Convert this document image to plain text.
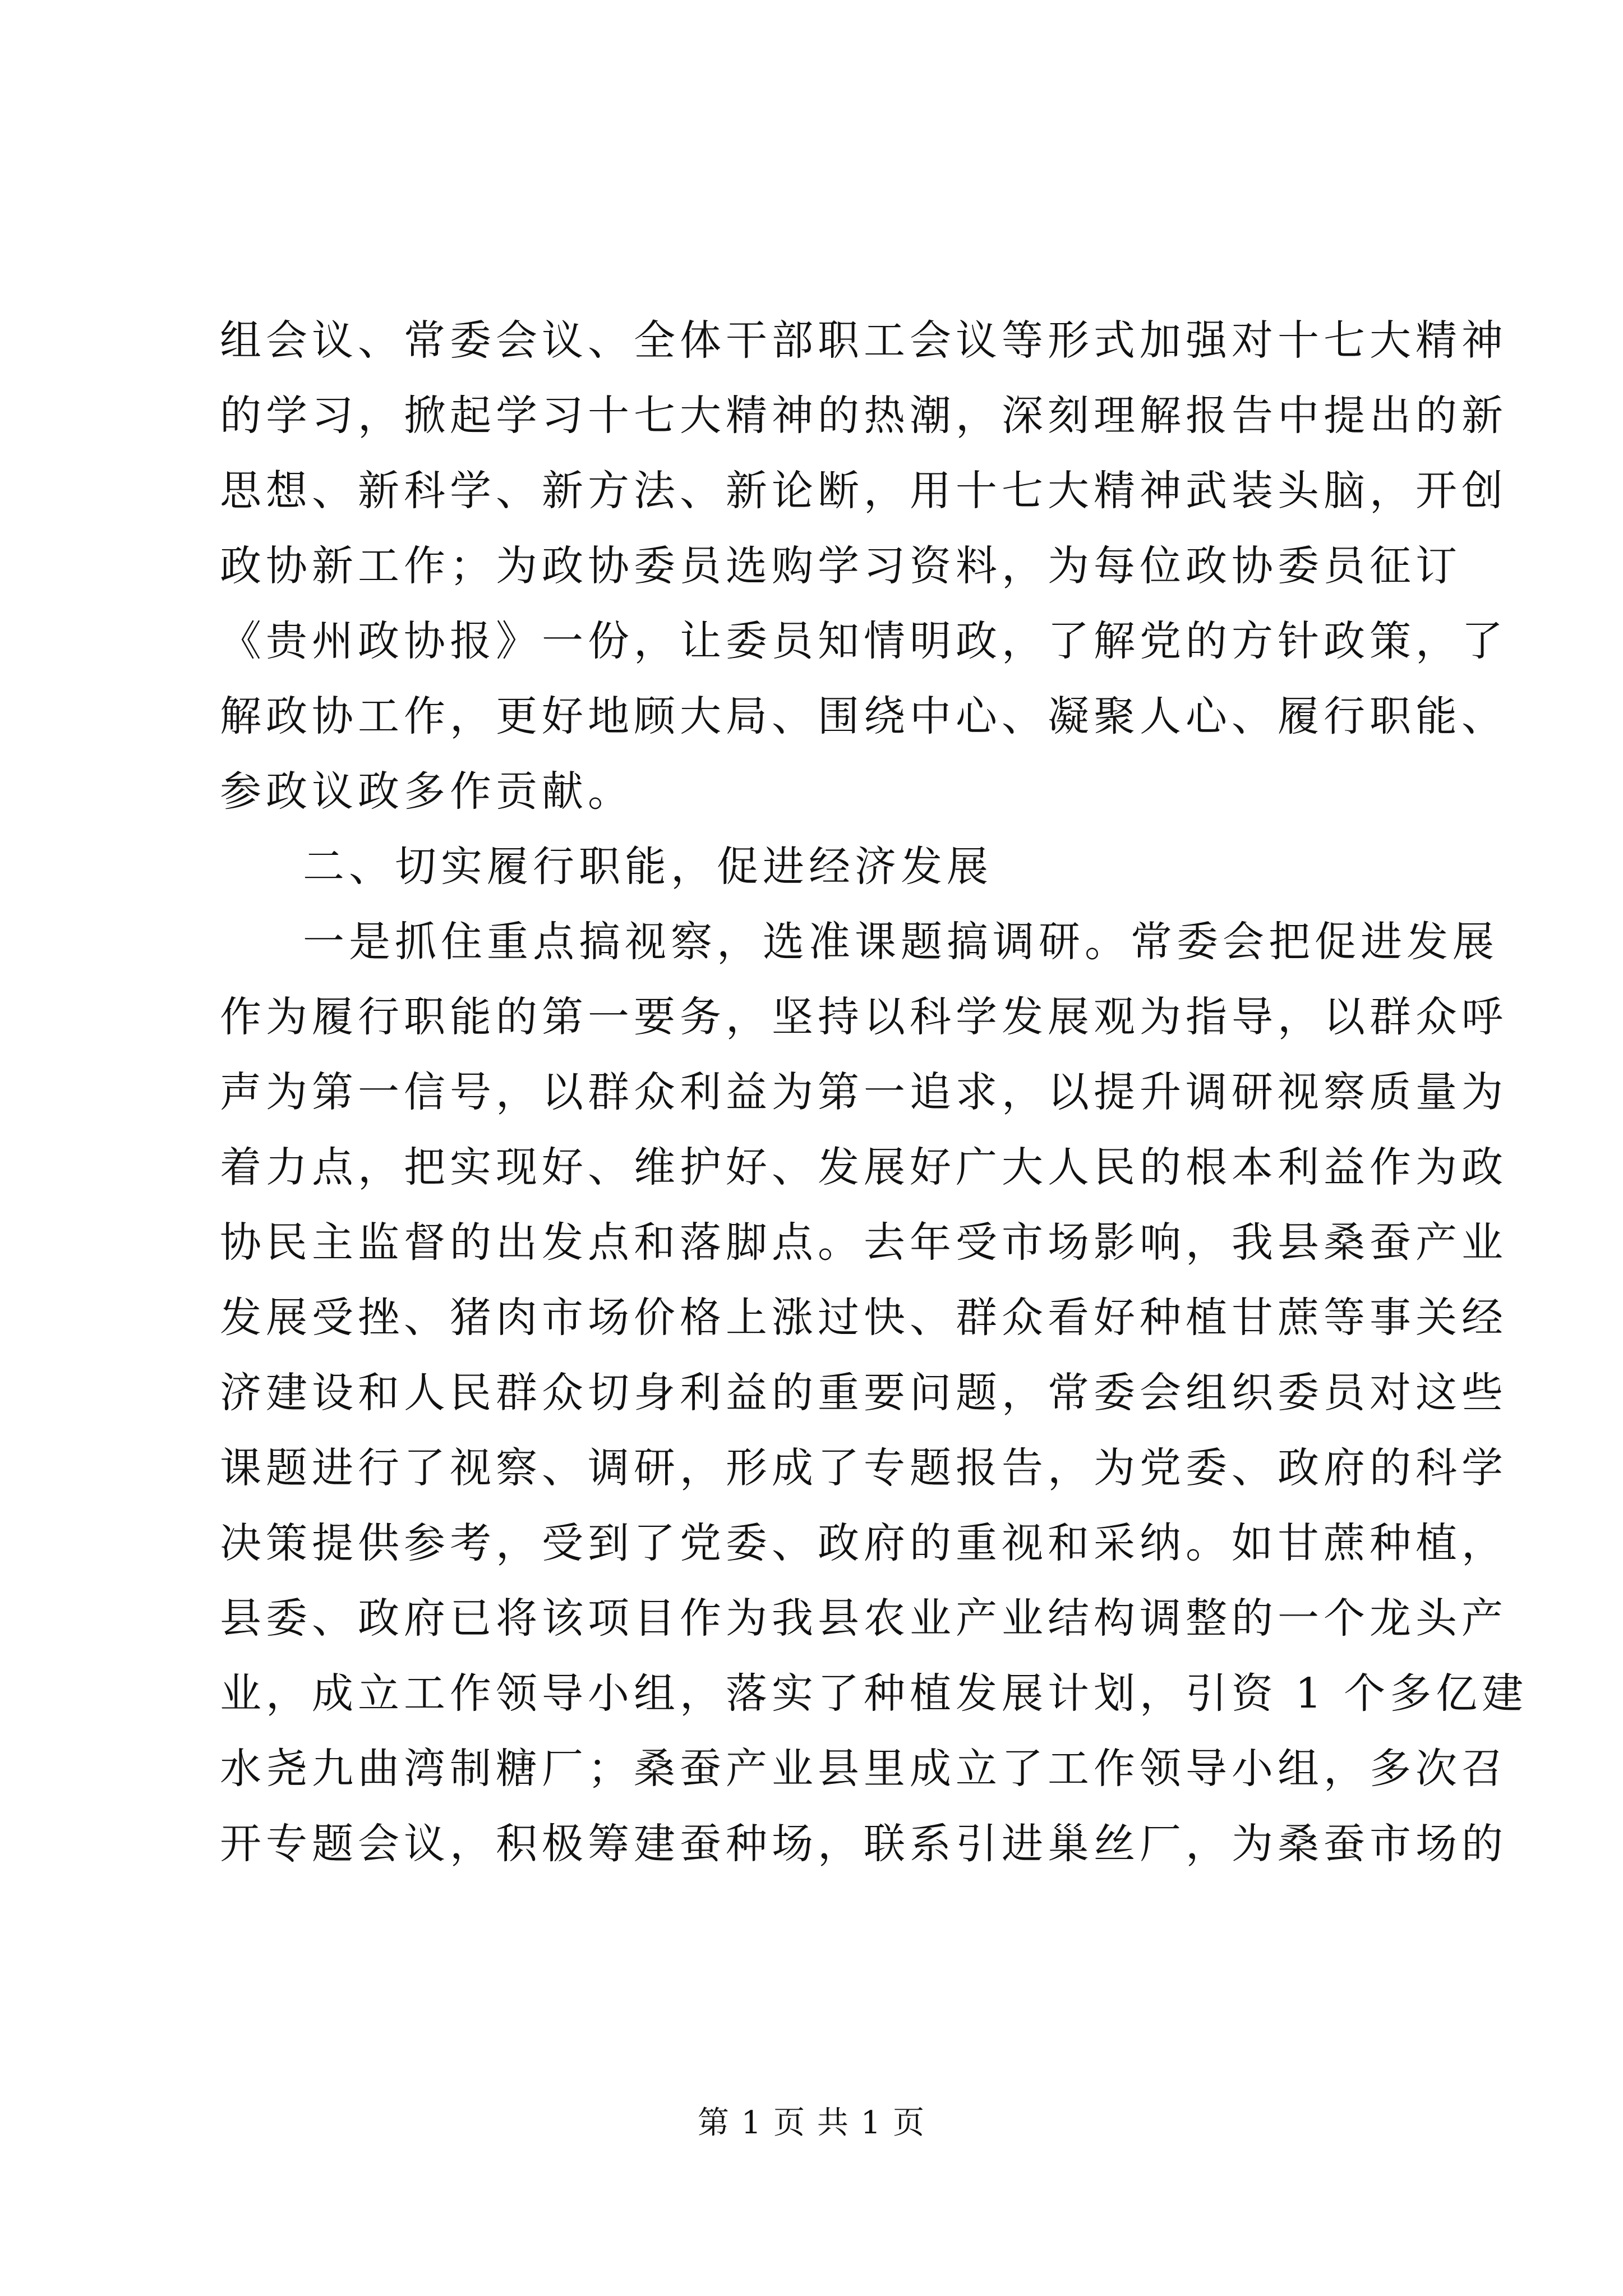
组会议、常委会议、全体干部职工会议等形式加强对十七大精神
的学习，掀起学习十七大精神的热潮，深刻理解报告中提出的新
思想、新科学、新方法、新论断，用十七大精神武装头脑，开创
政协新工作；为政协委员选购学习资料，为每位政协委员征订
《贵州政协报》一份，让委员知情明政，了解党的方针政策，了
解政协工作，更好地顾大局、围绕中心、凝聚人心、履行职能、
参政议政多作贡献。
二、切实履行职能，促进经济发展
一是抓住重点搞视察，选准课题搞调研。常委会把促进发展
作为履行职能的第一要务，坚持以科学发展观为指导，以群众呼
声为第一信号，以群众利益为第一追求，以提升调研视察质量为
着力点，把实现好、维护好、发展好广大人民的根本利益作为政
协民主监督的出发点和落脚点。去年受市场影响，我县桑蚕产业
发展受挫、猪肉市场价格上涨过快、群众看好种植甘蔗等事关经
济建设和人民群众切身利益的重要问题，常委会组织委员对这些
课题进行了视察、调研，形成了专题报告，为党委、政府的科学
决策提供参考，受到了党委、政府的重视和采纳。如甘蔗种植，
县委、政府已将该项目作为我县农业产业结构调整的一个龙头产
业，成立工作领导小组，落实了种植发展计划，引资 1 个多亿建
水尧九曲湾制糖厂；桑蚕产业县里成立了工作领导小组，多次召
开专题会议，积极筹建蚕种场，联系引进巢丝厂，为桑蚕市场的
第 1 页 共 1 页
